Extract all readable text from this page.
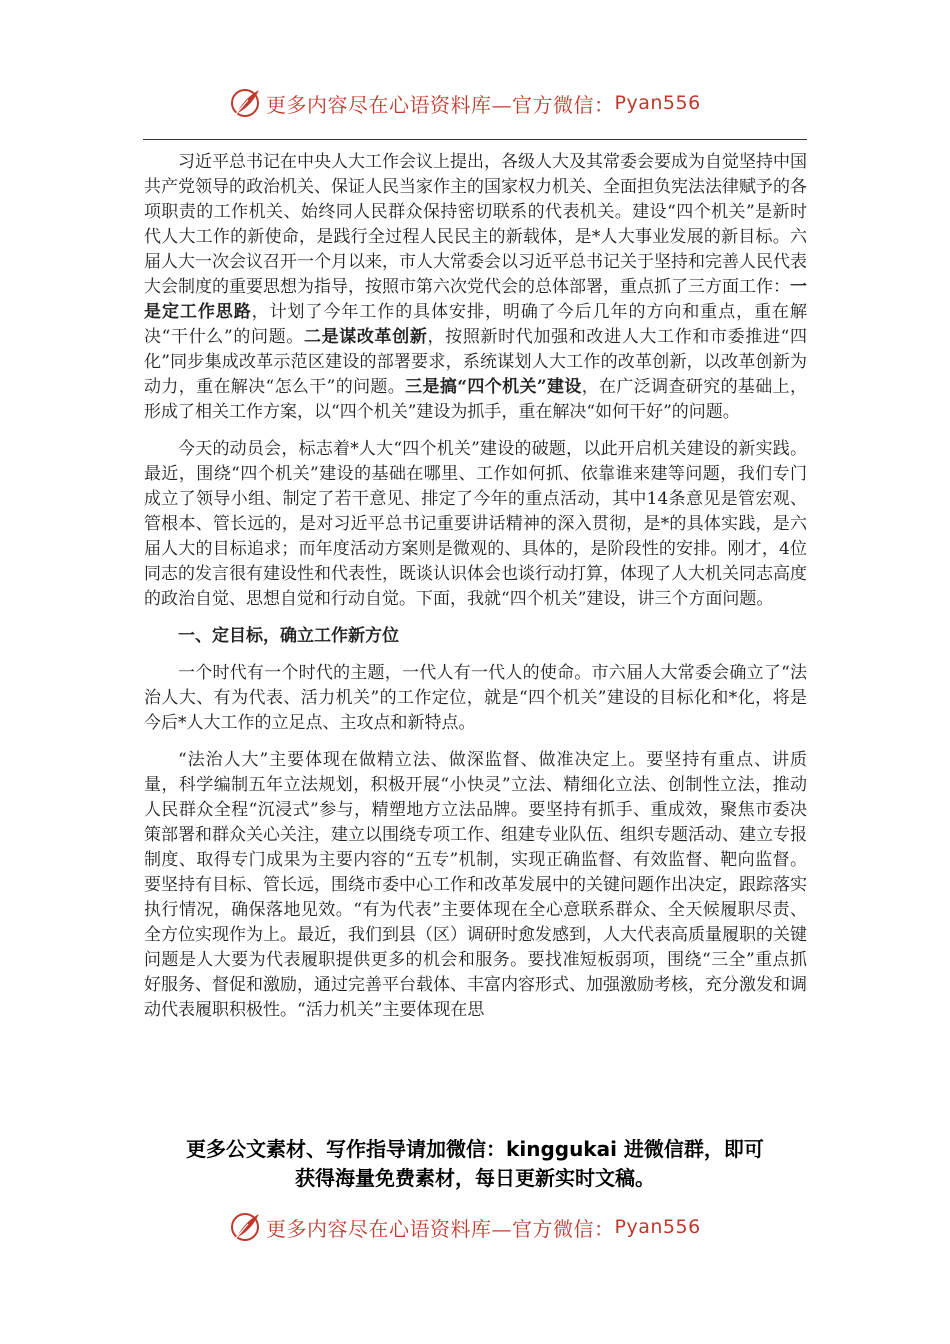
更多内容尽在心语资料库—官方微信： Pyan556

习近平总书记在中央人大工作会议上提出，各级人大及其常委会要成为自觉坚持中国共产党领导的政治机关、保证人民当家作主的国家权力机关、全面担负宪法法律赋予的各项职责的工作机关、始终同人民群众保持密切联系的代表机关。建设“四个机关”是新时代人大工作的新使命，是践行全过程人民民主的新载体，是*人大事业发展的新目标。六届人大一次会议召开一个月以来，市人大常委会以习近平总书记关于坚持和完善人民代表大会制度的重要思想为指导，按照市第六次党代会的总体部署，重点抓了三方面工作：一是定工作思路，计划了今年工作的具体安排，明确了今后几年的方向和重点，重在解决“干什么”的问题。二是谋改革创新，按照新时代加强和改进人大工作和市委推进“四化”同步集成改革示范区建设的部署要求，系统谋划人大工作的改革创新，以改革创新为动力，重在解决“怎么干”的问题。三是搞“四个机关”建设，在广泛调查研究的基础上，形成了相关工作方案，以“四个机关”建设为抓手，重在解决“如何干好”的问题。

今天的动员会，标志着*人大“四个机关”建设的破题，以此开启机关建设的新实践。最近，围绕“四个机关”建设的基础在哪里、工作如何抓、依靠谁来建等问题，我们专门成立了领导小组、制定了若干意见、排定了今年的重点活动，其中14条意见是管宏观、管根本、管长远的，是对习近平总书记重要讲话精神的深入贯彻，是*的具体实践，是六届人大的目标追求；而年度活动方案则是微观的、具体的，是阶段性的安排。刚才，4位同志的发言很有建设性和代表性，既谈认识体会也谈行动打算，体现了人大机关同志高度的政治自觉、思想自觉和行动自觉。下面，我就“四个机关”建设，讲三个方面问题。

一、定目标，确立工作新方位

一个时代有一个时代的主题，一代人有一代人的使命。市六届人大常委会确立了“法治人大、有为代表、活力机关”的工作定位，就是“四个机关”建设的目标化和*化，将是今后*人大工作的立足点、主攻点和新特点。

“法治人大”主要体现在做精立法、做深监督、做准决定上。要坚持有重点、讲质量，科学编制五年立法规划，积极开展“小快灵”立法、精细化立法、创制性立法，推动人民群众全程“沉浸式”参与，精塑地方立法品牌。要坚持有抓手、重成效，聚焦市委决策部署和群众关心关注，建立以围绕专项工作、组建专业队伍、组织专题活动、建立专报制度、取得专门成果为主要内容的“五专”机制，实现正确监督、有效监督、靶向监督。要坚持有目标、管长远，围绕市委中心工作和改革发展中的关键问题作出决定，跟踪落实执行情况，确保落地见效。“有为代表”主要体现在全心意联系群众、全天候履职尽责、全方位实现作为上。最近，我们到县（区）调研时愈发感到，人大代表高质量履职的关键问题是人大要为代表履职提供更多的机会和服务。要找准短板弱项，围绕“三全”重点抓好服务、督促和激励，通过完善平台载体、丰富内容形式、加强激励考核，充分激发和调动代表履职积极性。“活力机关”主要体现在思

更多公文素材、写作指导请加微信：kinggukai 进微信群，即可
获得海量免费素材，每日更新实时文稿。
更多内容尽在心语资料库—官方微信： Pyan556
